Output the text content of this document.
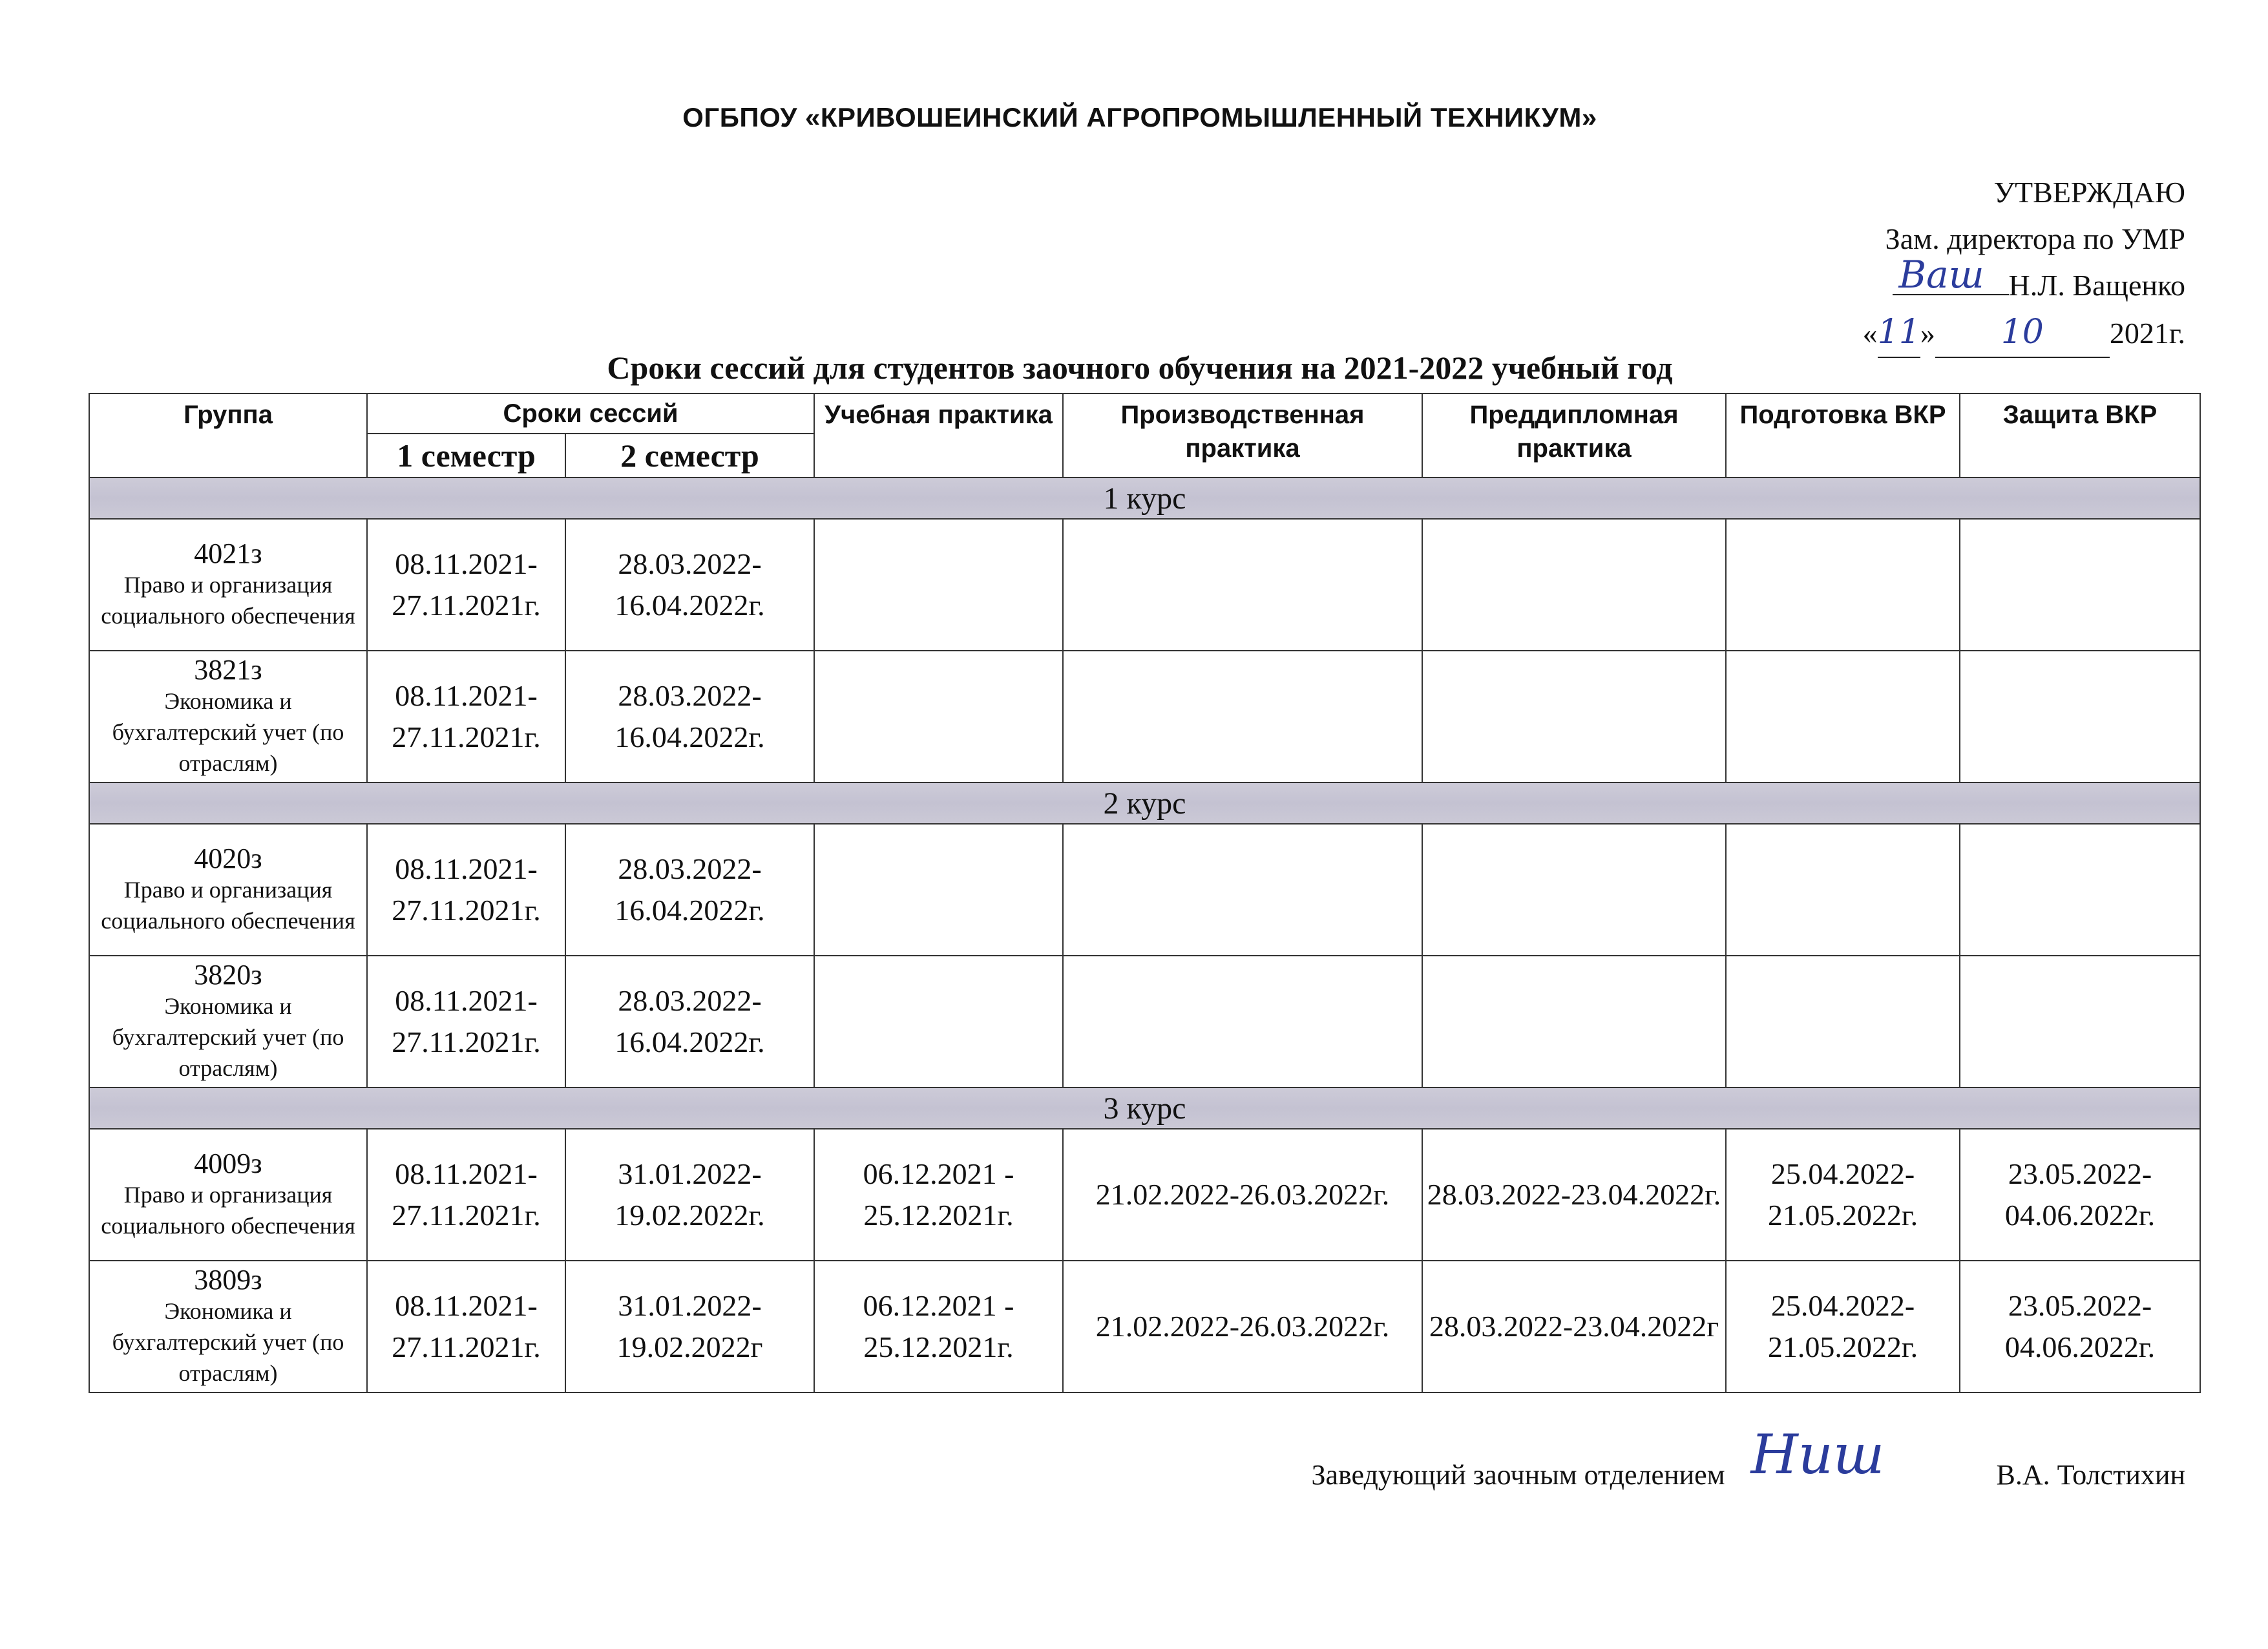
ОГБПОУ «КРИВОШЕИНСКИЙ АГРОПРОМЫШЛЕННЫЙ ТЕХНИКУМ»
УТВЕРЖДАЮ
Зам. директора по УМР
Ваш Н.Л. Ващенко
«11» 10 2021г.
Сроки сессий для студентов заочного обучения на 2021-2022 учебный год
Группа	Сроки сессий		Учебная практика	Производственная практика	Преддипломная практика	Подготовка ВКР	Защита ВКР
	1 семестр	2 семестр					
1 курс							

4021з
Право и организация социального обеспечения	08.11.2021-27.11.2021г.	28.03.2022-16.04.2022г.					

3821з
Экономика и бухгалтерский учет (по отраслям)	08.11.2021-27.11.2021г.	28.03.2022-16.04.2022г.					
2 курс							

4020з
Право и организация социального обеспечения	08.11.2021-27.11.2021г.	28.03.2022-16.04.2022г.					

3820з
Экономика и бухгалтерский учет (по отраслям)	08.11.2021-27.11.2021г.	28.03.2022-16.04.2022г.					
3 курс							

4009з
Право и организация социального обеспечения	08.11.2021-27.11.2021г.	31.01.2022-19.02.2022г.	06.12.2021 - 25.12.2021г.	21.02.2022-26.03.2022г.	28.03.2022-23.04.2022г.	25.04.2022-21.05.2022г.	23.05.2022-04.06.2022г.

3809з
Экономика и бухгалтерский учет (по отраслям)	08.11.2021-27.11.2021г.	31.01.2022-19.02.2022г	06.12.2021 - 25.12.2021г.	21.02.2022-26.03.2022г.	28.03.2022-23.04.2022г	25.04.2022-21.05.2022г.	23.05.2022-04.06.2022г.
Заведующий заочным отделением Ниш	В.А. Толстихин
